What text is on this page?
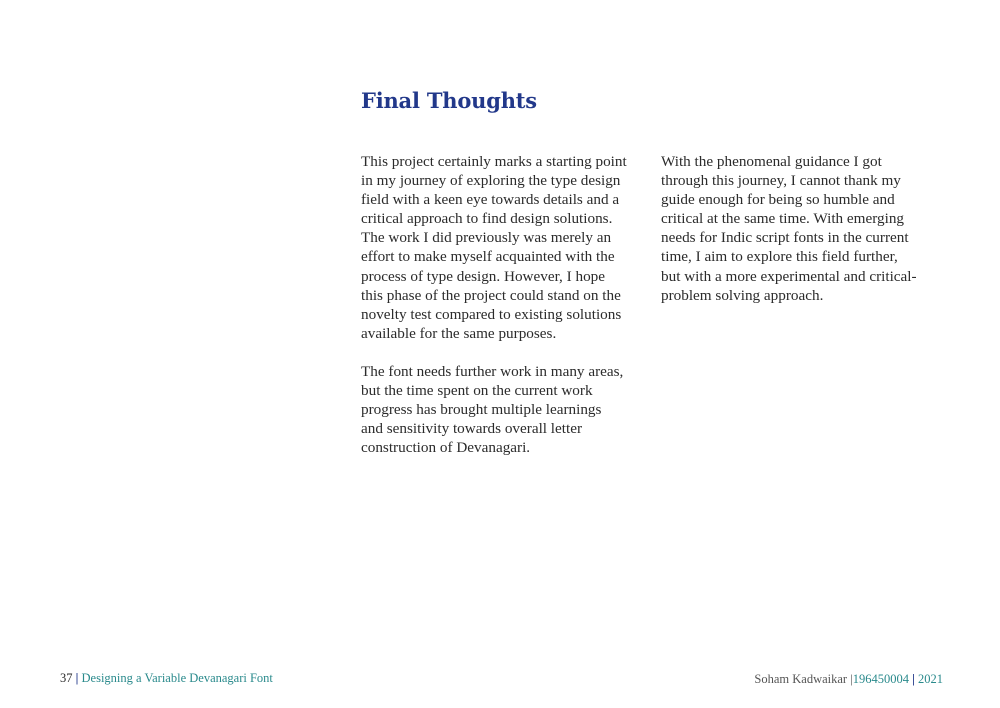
Final Thoughts

This project certainly marks a starting point
in my journey of exploring the type design
field with a keen eye towards details and a
critical approach to find design solutions.
The work I did previously was merely an
effort to make myself acquainted with the
process of type design. However, I hope
this phase of the project could stand on the
novelty test compared to existing solutions
available for the same purposes.

The font needs further work in many areas,
but the time spent on the current work
progress has brought multiple learnings
and sensitivity towards overall letter
construction of Devanagari.

With the phenomenal guidance I got
through this journey, I cannot thank my
guide enough for being so humble and
critical at the same time. With emerging
needs for Indic script fonts in the current
time, I aim to explore this field further,
but with a more experimental and critical-
problem solving approach.

37 | Designing a Variable Devanagari Font	Soham Kadwaikar |196450004 | 2021
